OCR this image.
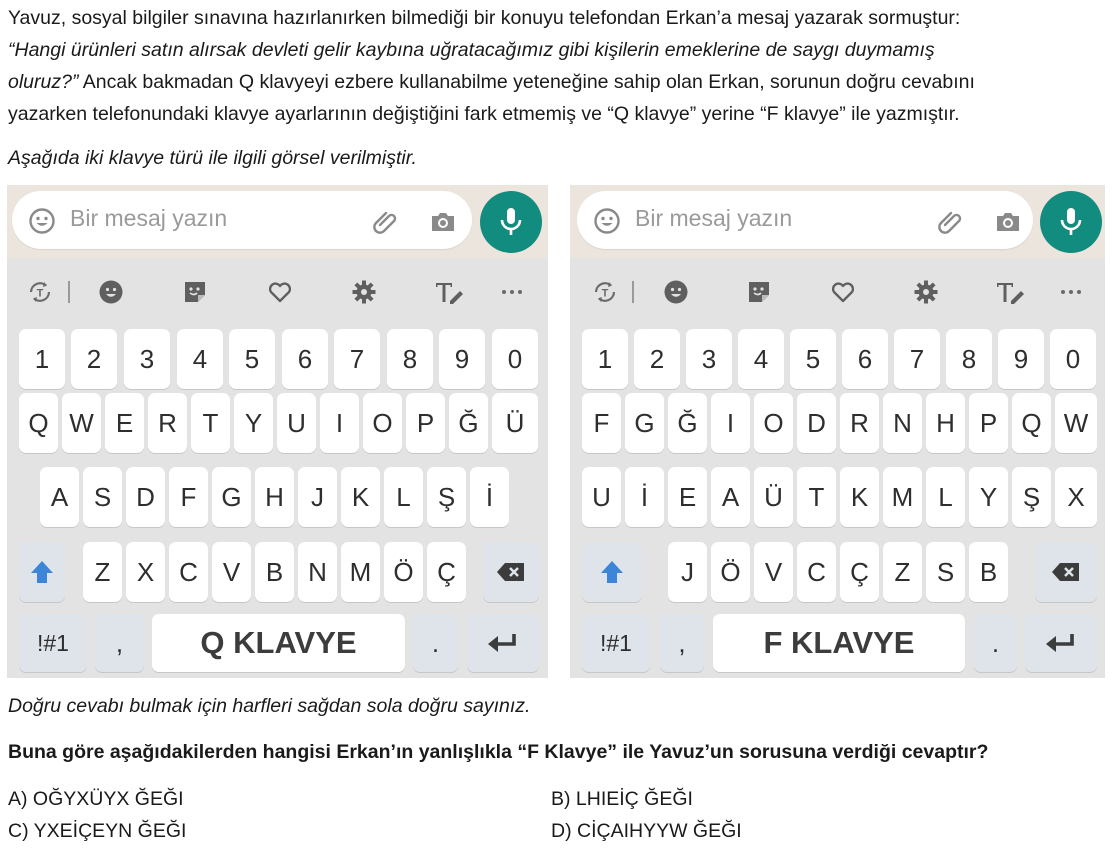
Yavuz, sosyal bilgiler sınavına hazırlanırken bilmediği bir konuyu telefondan Erkan’a mesaj yazarak sormuştur:

“Hangi ürünleri satın alırsak devleti gelir kaybına uğratacağımız gibi kişilerin emeklerine de saygı duymamış

oluruz?” Ancak bakmadan Q klavyeyi ezbere kullanabilme yeteneğine sahip olan Erkan, sorunun doğru cevabını

yazarken telefonundaki klavye ayarlarının değiştiğini fark etmemiş ve “Q klavye” yerine “F klavye” ile yazmıştır.

Aşağıda iki klavye türü ile ilgili görsel verilmiştir.
Bir mesaj yazın
T
1	2	3	4	5	6	7	8	9	0
Q W E R T	Y U	I	O P Ğ	Ü
A S D F G H	J	K	L	Ş	İ
Z	X C V B N M Ö Ç
!#1	,	Q KLAVYE	.
Bir mesaj yazın
T
1	2	3	4	5	6	7	8	9	0
F G Ğ	I	O D R N H P Q W
U	İ	E A Ü T	K M L	Y Ş	X
J	Ö V C Ç Z	S B
!#1	,	F KLAVYE	.
Doğru cevabı bulmak için harfleri sağdan sola doğru sayınız.
Buna göre aşağıdakilerden hangisi Erkan’ın yanlışlıkla “F Klavye” ile Yavuz’un sorusuna verdiği cevaptır?
A) OĞYXÜYX ĞEĞI	B) LHIEİÇ ĞEĞI
C) YXEİÇEYN ĞEĞI	D) CİÇAIHYYW ĞEĞI
